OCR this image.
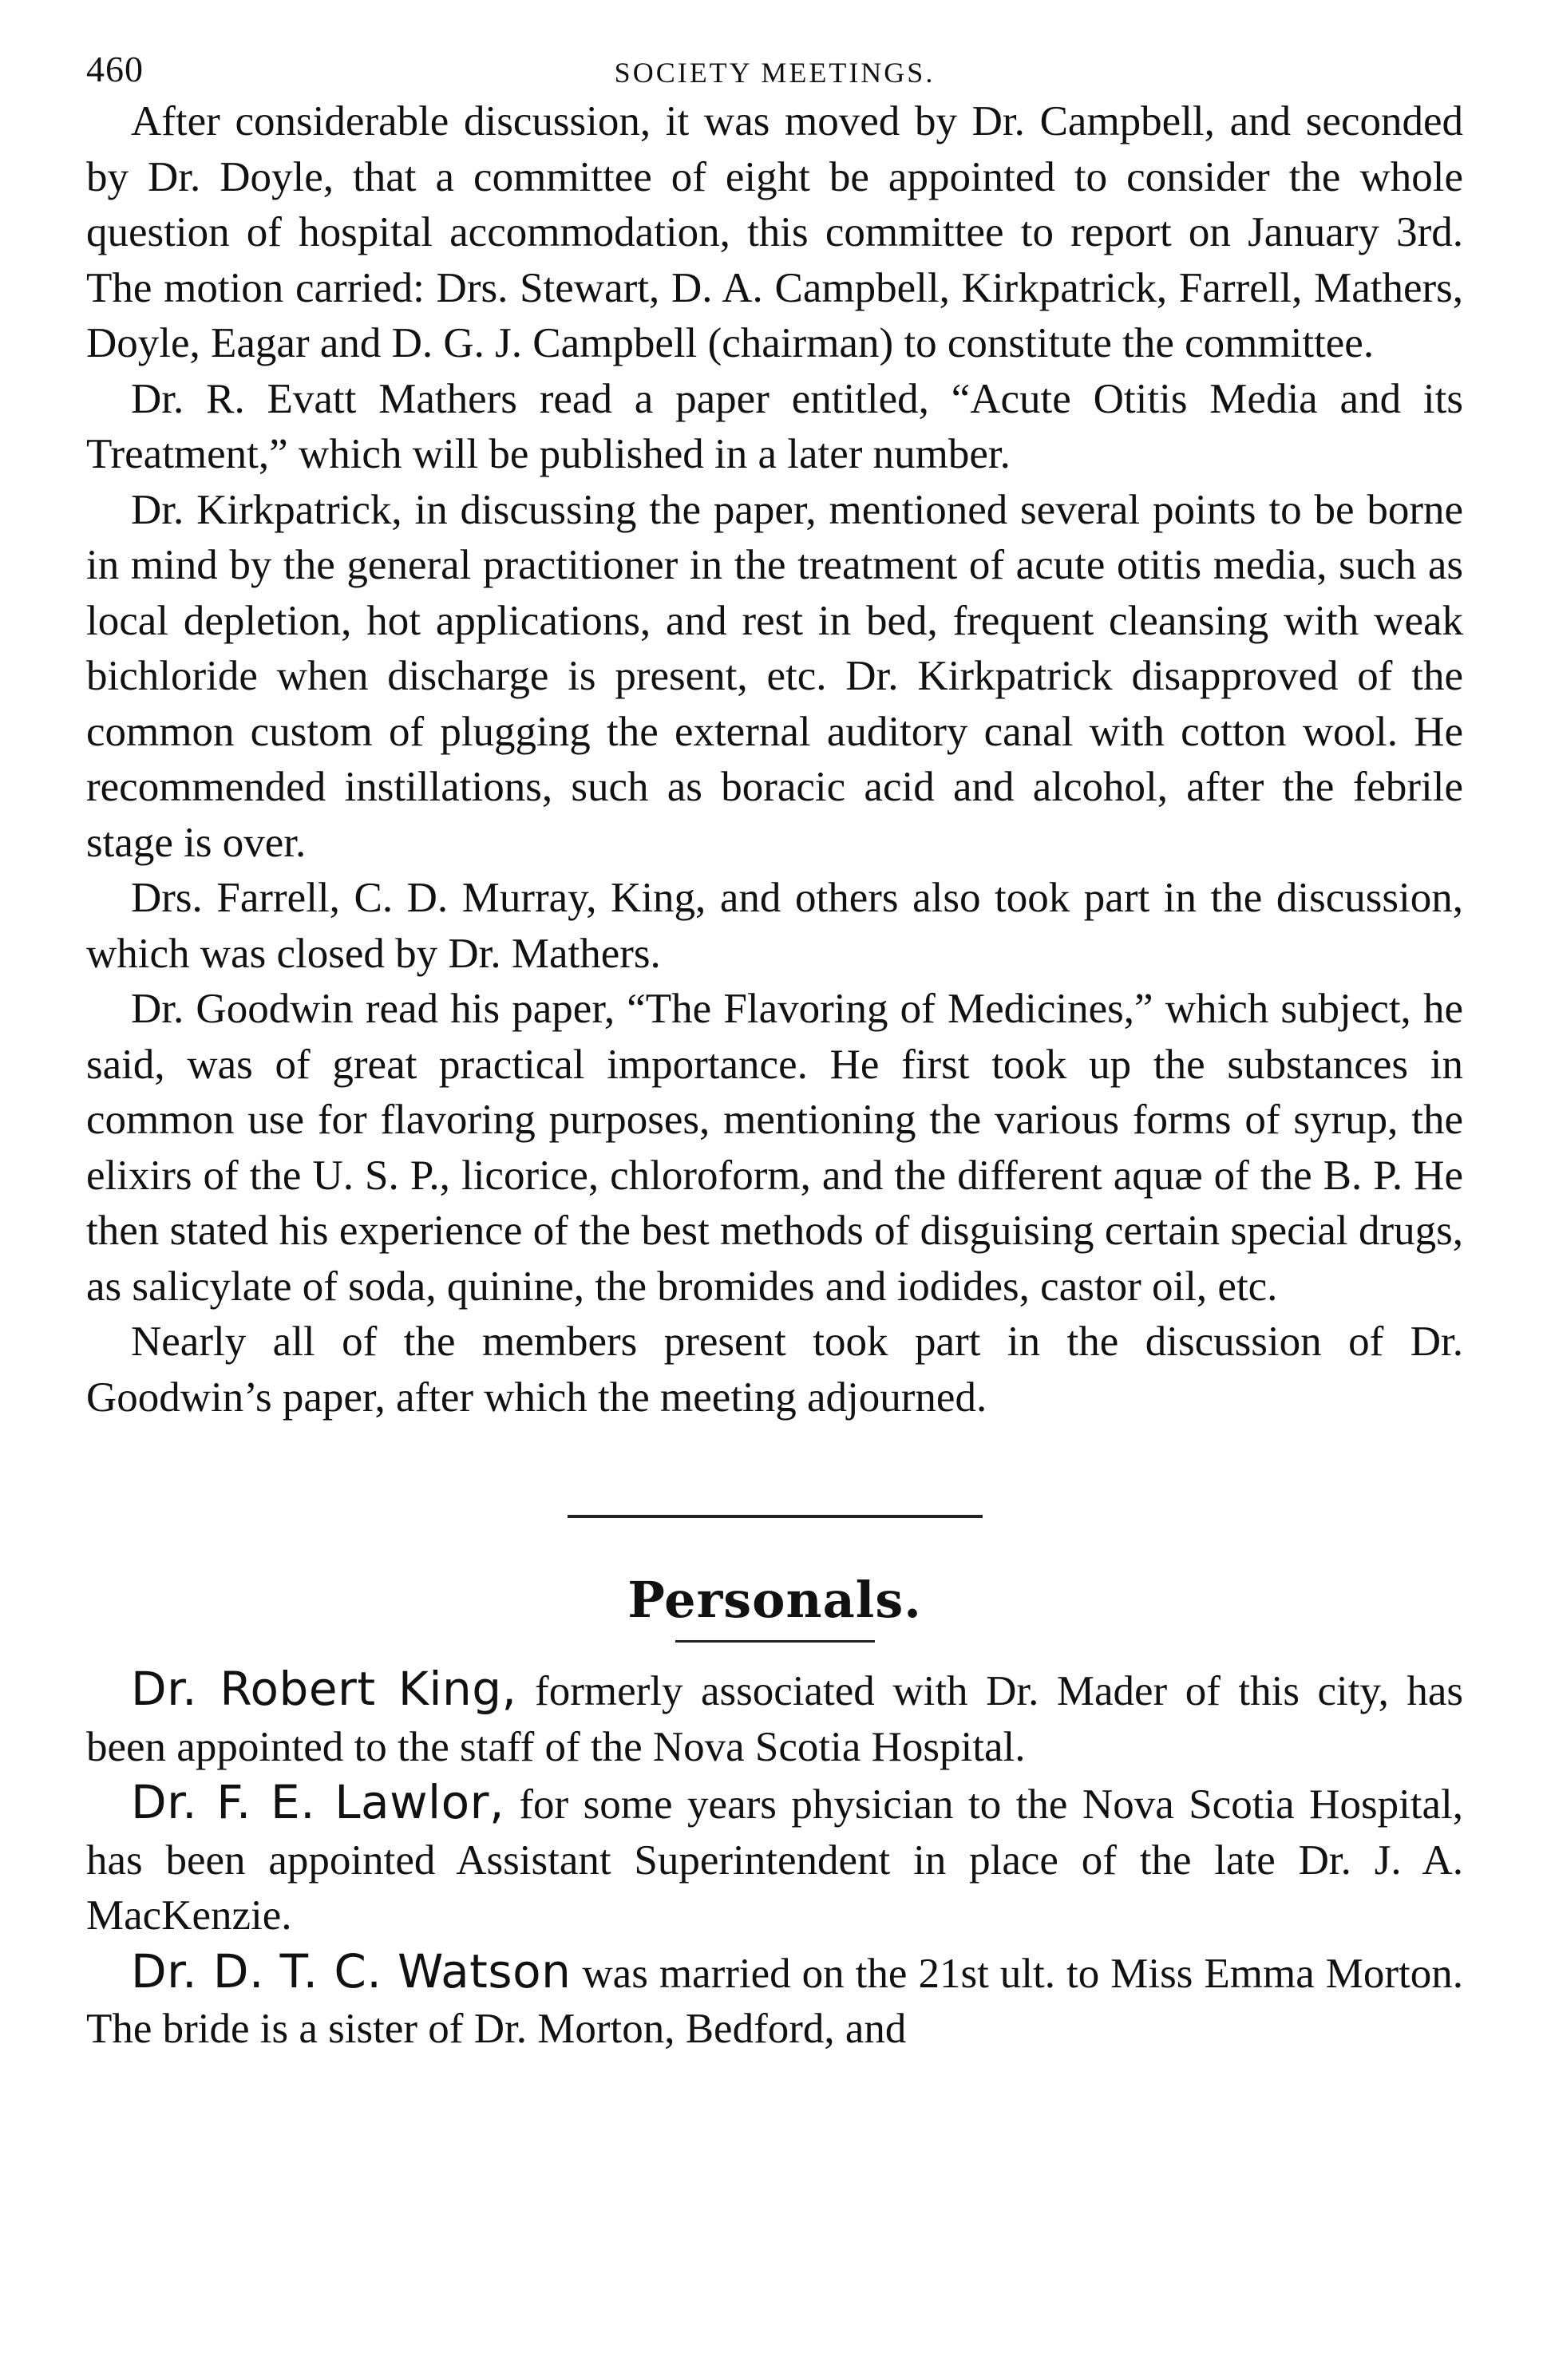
460	SOCIETY MEETINGS.

After considerable discussion, it was moved by Dr. Campbell, and seconded by Dr. Doyle, that a committee of eight be appointed to consider the whole question of hospital accommodation, this committee to report on January 3rd. The motion carried: Drs. Stewart, D. A. Campbell, Kirkpatrick, Farrell, Mathers, Doyle, Eagar and D. G. J. Campbell (chairman) to constitute the committee.

Dr. R. Evatt Mathers read a paper entitled, “Acute Otitis Media and its Treatment,” which will be published in a later number.

Dr. Kirkpatrick, in discussing the paper, mentioned several points to be borne in mind by the general practitioner in the treatment of acute otitis media, such as local depletion, hot applications, and rest in bed, frequent cleansing with weak bichloride when discharge is present, etc. Dr. Kirkpatrick disapproved of the common custom of plugging the external auditory canal with cotton wool. He recommended instillations, such as boracic acid and alcohol, after the febrile stage is over.

Drs. Farrell, C. D. Murray, King, and others also took part in the discussion, which was closed by Dr. Mathers.

Dr. Goodwin read his paper, “The Flavoring of Medicines,” which subject, he said, was of great practical importance. He first took up the substances in common use for flavoring purposes, mentioning the various forms of syrup, the elixirs of the U. S. P., licorice, chloroform, and the different aquæ of the B. P. He then stated his experience of the best methods of disguising certain special drugs, as salicylate of soda, quinine, the bromides and iodides, castor oil, etc.

Nearly all of the members present took part in the discussion of Dr. Goodwin’s paper, after which the meeting adjourned.

Personals.

Dr. Robert King, formerly associated with Dr. Mader of this city, has been appointed to the staff of the Nova Scotia Hospital.

Dr. F. E. Lawlor, for some years physician to the Nova Scotia Hospital, has been appointed Assistant Superintendent in place of the late Dr. J. A. MacKenzie.

Dr. D. T. C. Watson was married on the 21st ult. to Miss Emma Morton. The bride is a sister of Dr. Morton, Bedford, and
